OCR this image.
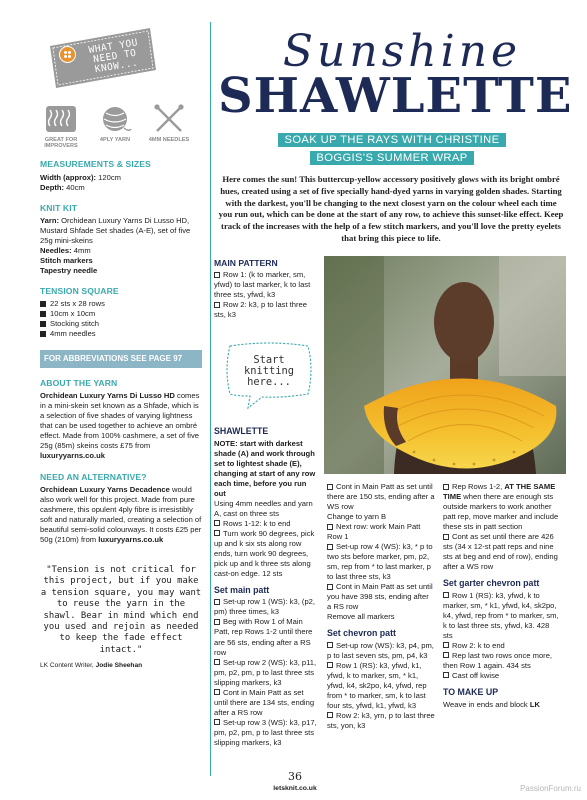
WHAT YOU NEED TO KNOW...
GREAT FOR IMPROVERS
4PLY YARN	4MM NEEDLES
MEASUREMENTS & SIZES
Width (approx): 120cm
Depth: 40cm
KNIT KIT
Yarn: Orchidean Luxury Yarns Di Lusso HD, Mustard Shfade Set shades (A-E), set of five 25g mini-skeins
Needles: 4mm
Stitch markers
Tapestry needle
TENSION SQUARE
22 sts x 28 rows
10cm x 10cm
Stocking stitch
4mm needles
FOR ABBREVIATIONS SEE PAGE 97
ABOUT THE YARN
Orchidean Luxury Yarns Di Lusso HD comes in a mini-skein set known as a Shfade, which is a selection of five shades of varying lightness that can be used together to achieve an ombré effect. Made from 100% cashmere, a set of five 25g (85m) skeins costs £75 from luxuryyarns.co.uk
NEED AN ALTERNATIVE?
Orchidean Luxury Yarns Decadence would also work well for this project. Made from pure cashmere, this opulent 4ply fibre is irresistibly soft and naturally marled, creating a selection of beautiful semi-solid colourways. It costs £25 per 50g (210m) from luxuryyarns.co.uk
"Tension is not critical for this project, but if you make a tension square, you may want to reuse the yarn in the shawl. Bear in mind which end you used and rejoin as needed to keep the fade effect intact."
LK Content Writer, Jodie Sheehan
Sunshine
SHAWLETTE
SOAK UP THE RAYS WITH CHRISTINE BOGGIS'S SUMMER WRAP
Here comes the sun! This buttercup-yellow accessory positively glows with its bright ombré hues, created using a set of five specially hand-dyed yarns in varying golden shades. Starting with the darkest, you'll be changing to the next closest yarn on the colour wheel each time you run out, which can be done at the start of any row, to achieve this sunset-like effect. Keep track of the increases with the help of a few stitch markers, and you'll love the pretty eyelets that bring this piece to life.
MAIN PATTERN
Row 1: (k to marker, sm, yfwd) to last marker, k to last three sts, yfwd, k3
Row 2: k3, p to last three sts, k3
Start knitting here...
SHAWLETTE
NOTE: start with darkest shade (A) and work through set to lightest shade (E), changing at start of any row each time, before you run out
Using 4mm needles and yarn A, cast on three sts
Rows 1-12: k to end
Turn work 90 degrees, pick up and k six sts along row ends, turn work 90 degrees, pick up and k three sts along cast-on edge. 12 sts
Set main patt
Set-up row 1 (WS): k3, (p2, pm) three times, k3
Beg with Row 1 of Main Patt, rep Rows 1-2 until there are 56 sts, ending after a RS row
Set-up row 2 (WS): k3, p11, pm, p2, pm, p to last three sts slipping markers, k3
Cont in Main Patt as set until there are 134 sts, ending after a RS row
Set-up row 3 (WS): k3, p17, pm, p2, pm, p to last three sts slipping markers, k3
Cont in Main Patt as set until there are 150 sts, ending after a WS row
Change to yarn B
Next row: work Main Patt Row 1
Set-up row 4 (WS): k3, * p to two sts before marker, pm, p2, sm, rep from * to last marker, p to last three sts, k3
Cont in Main Patt as set until you have 398 sts, ending after a RS row
Remove all markers
Set chevron patt
Set-up row (WS): k3, p4, pm, p to last seven sts, pm, p4, k3
Row 1 (RS): k3, yfwd, k1, yfwd, k to marker, sm, * k1, yfwd, k4, sk2po, k4, yfwd, rep from * to marker, sm, k to last four sts, yfwd, k1, yfwd, k3
Row 2: k3, yrn, p to last three sts, yon, k3
Rep Rows 1-2, AT THE SAME TIME when there are enough sts outside markers to work another patt rep, move marker and include these sts in patt section
Cont as set until there are 426 sts (34 x 12-st patt reps and nine sts at beg and end of row), ending after a WS row
Set garter chevron patt
Row 1 (RS): k3, yfwd, k to marker, sm, * k1, yfwd, k4, sk2po, k4, yfwd, rep from * to marker, sm, k to last three sts, yfwd, k3. 428 sts
Row 2: k to end
Rep last two rows once more, then Row 1 again. 434 sts
Cast off kwise
TO MAKE UP
Weave in ends and block LK
36
letsknit.co.uk	PassionForum.ru
